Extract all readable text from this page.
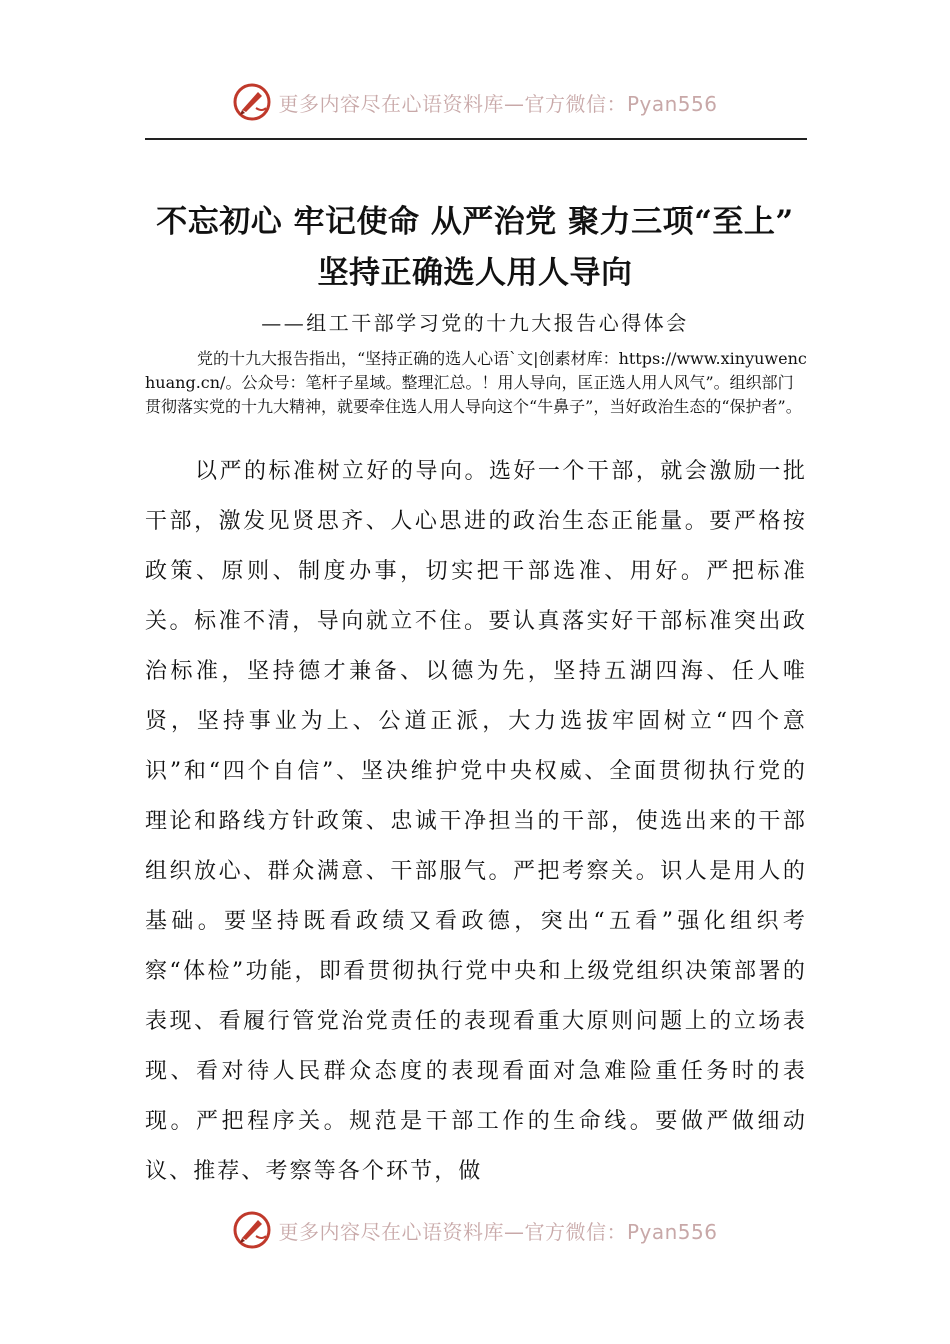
更多内容尽在心语资料库—官方微信：Pyan556
不忘初心 牢记使命 从严治党 聚力三项“至上”
坚持正确选人用人导向
——组工干部学习党的十九大报告心得体会

党的十九大报告指出，“坚持正确的选人心语`文|创素材库：https://www.xinyuwenchuang.cn/。公众号：笔杆子星域。整理汇总。！用人导向，匡正选人用人风气”。组织部门贯彻落实党的十九大精神，就要牵住选人用人导向这个“牛鼻子”，当好政治生态的“保护者”。

以严的标准树立好的导向。选好一个干部，就会激励一批干部，激发见贤思齐、人心思进的政治生态正能量。要严格按政策、原则、制度办事，切实把干部选准、用好。严把标准关。标准不清，导向就立不住。要认真落实好干部标准突出政治标准，坚持德才兼备、以德为先，坚持五湖四海、任人唯贤，坚持事业为上、公道正派，大力选拔牢固树立“四个意识”和“四个自信”、坚决维护党中央权威、全面贯彻执行党的理论和路线方针政策、忠诚干净担当的干部，使选出来的干部组织放心、群众满意、干部服气。严把考察关。识人是用人的基础。要坚持既看政绩又看政德，突出“五看”强化组织考察“体检”功能，即看贯彻执行党中央和上级党组织决策部署的表现、看履行管党治党责任的表现看重大原则问题上的立场表现、看对待人民群众态度的表现看面对急难险重任务时的表现。严把程序关。规范是干部工作的生命线。要做严做细动议、推荐、考察等各个环节，做

更多内容尽在心语资料库—官方微信：Pyan556
